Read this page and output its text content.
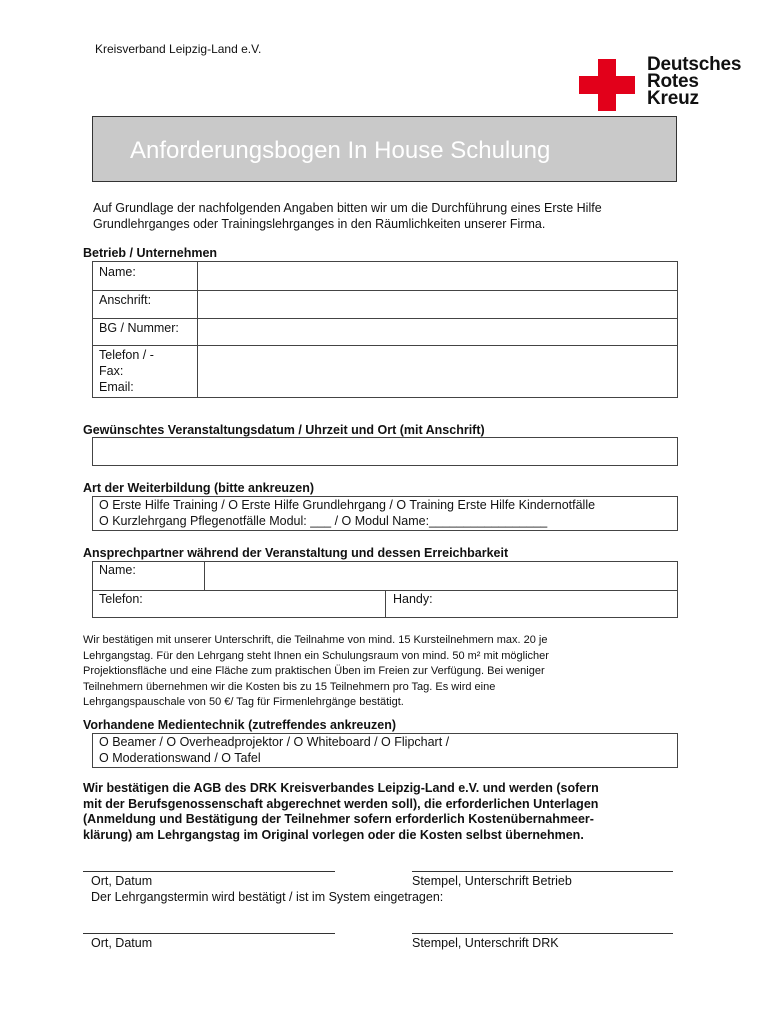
Kreisverband Leipzig-Land e.V.
Deutsches
Rotes
Kreuz
Anforderungsbogen In House Schulung
Auf Grundlage der nachfolgenden Angaben bitten wir um die Durchführung eines Erste Hilfe Grundlehrganges oder Trainingslehrganges in den Räumlichkeiten unserer Firma.
Betrieb / Unternehmen
Name:
Anschrift:
BG / Nummer:
Telefon / -
Fax:
Email:
Gewünschtes Veranstaltungsdatum / Uhrzeit und Ort (mit Anschrift)
Art der Weiterbildung (bitte ankreuzen)
O Erste Hilfe Training / O Erste Hilfe Grundlehrgang / O Training Erste Hilfe Kindernotfälle
O Kurzlehrgang Pflegenotfälle Modul: ___ / O Modul Name:_________________
Ansprechpartner während der Veranstaltung und dessen Erreichbarkeit
Name:
Telefon:	Handy:
Wir bestätigen mit unserer Unterschrift, die Teilnahme von mind. 15 Kursteilnehmern max. 20 je
Lehrgangstag. Für den Lehrgang steht Ihnen ein Schulungsraum von mind. 50 m² mit möglicher
Projektionsfläche und eine Fläche zum praktischen Üben im Freien zur Verfügung. Bei weniger
Teilnehmern übernehmen wir die Kosten bis zu 15 Teilnehmern pro Tag. Es wird eine
Lehrgangspauschale von 50 €/ Tag für Firmenlehrgänge bestätigt.
Vorhandene Medientechnik (zutreffendes ankreuzen)
O Beamer / O Overheadprojektor / O Whiteboard / O Flipchart /
O Moderationswand / O Tafel
Wir bestätigen die AGB des DRK Kreisverbandes Leipzig-Land e.V. und werden (sofern
mit der Berufsgenossenschaft abgerechnet werden soll), die erforderlichen Unterlagen
(Anmeldung und Bestätigung der Teilnehmer sofern erforderlich Kostenübernahmeer-
klärung) am Lehrgangstag im Original vorlegen oder die Kosten selbst übernehmen.
Ort, Datum	Stempel, Unterschrift Betrieb
Der Lehrgangstermin wird bestätigt / ist im System eingetragen:
Ort, Datum	Stempel, Unterschrift DRK
